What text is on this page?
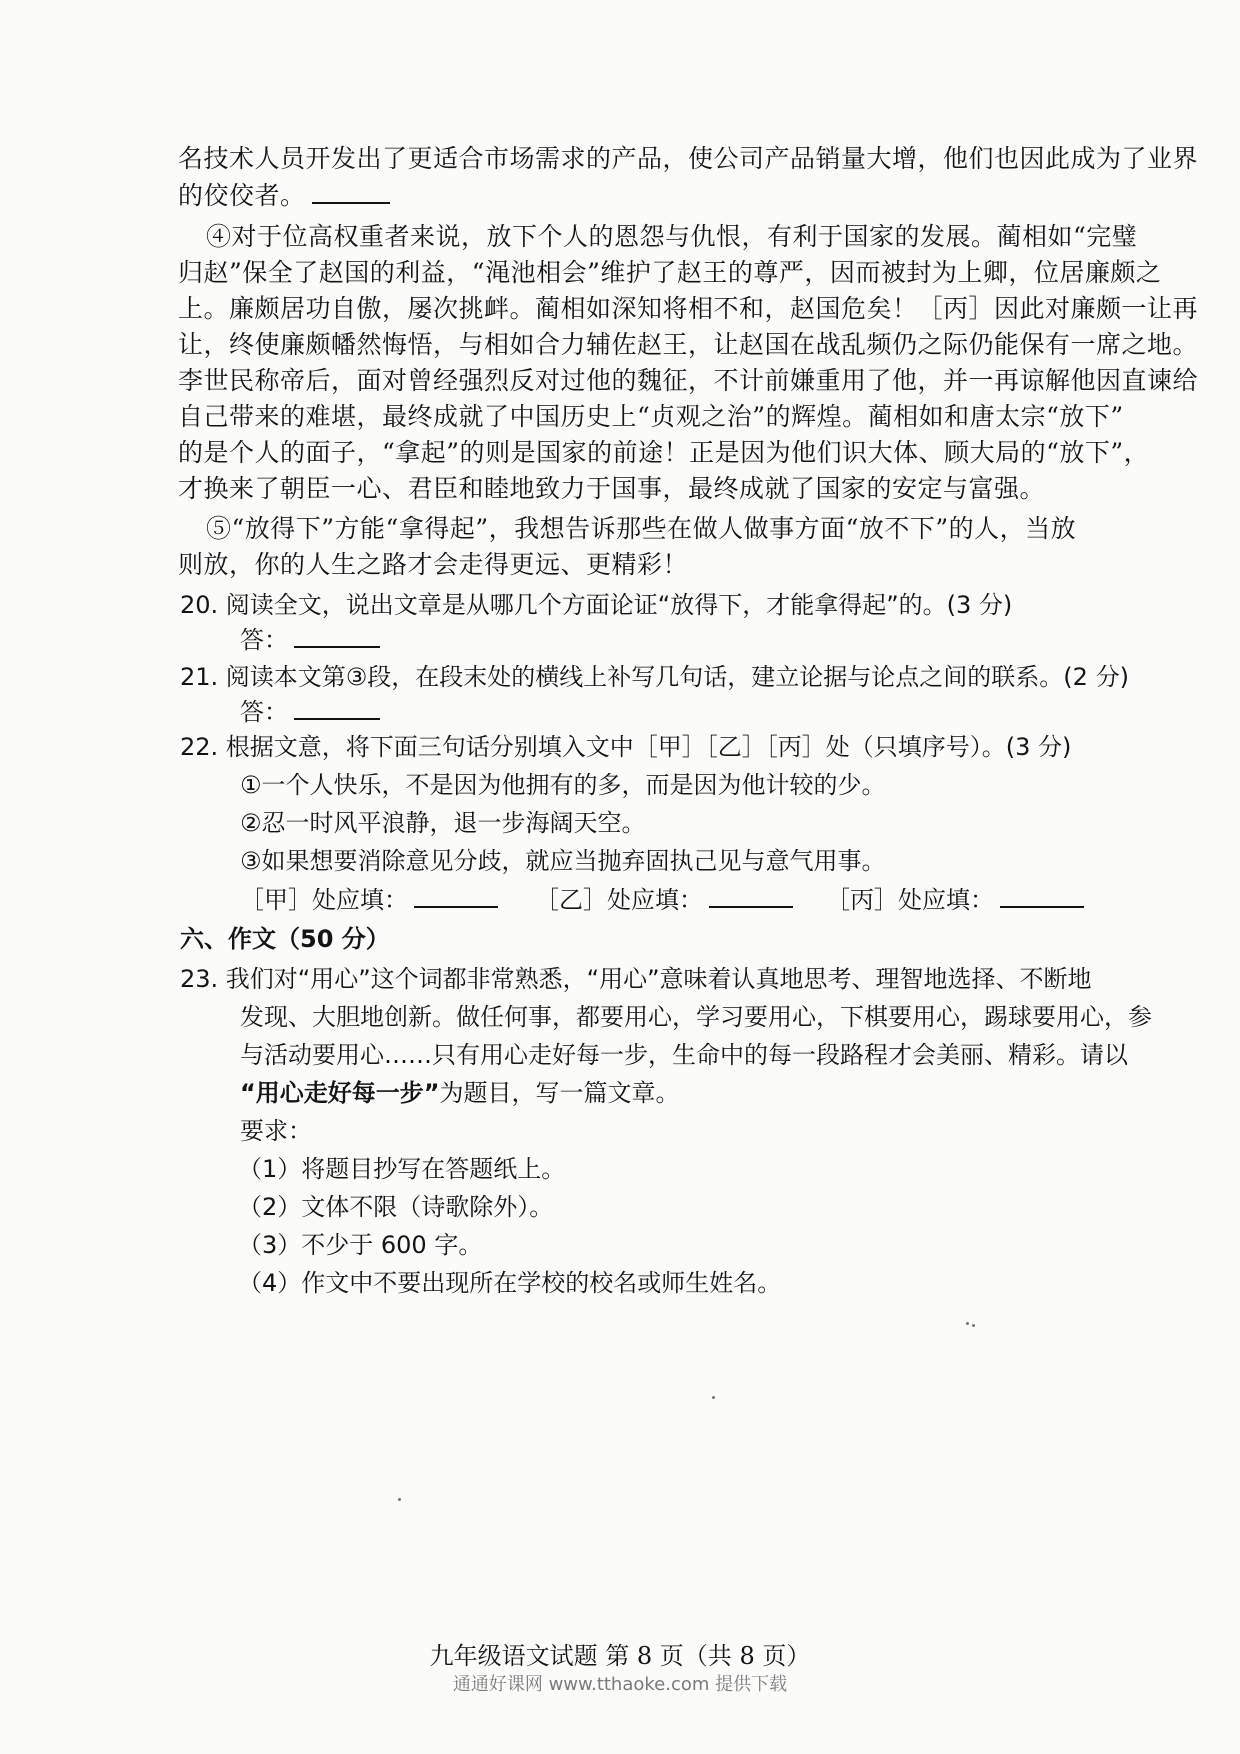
名技术人员开发出了更适合市场需求的产品，使公司产品销量大增，他们也因此成为了业界
的佼佼者。
④对于位高权重者来说，放下个人的恩怨与仇恨，有利于国家的发展。蔺相如“完璧
归赵”保全了赵国的利益，“渑池相会”维护了赵王的尊严，因而被封为上卿，位居廉颇之
上。廉颇居功自傲，屡次挑衅。蔺相如深知将相不和，赵国危矣！［丙］因此对廉颇一让再
让，终使廉颇幡然悔悟，与相如合力辅佐赵王，让赵国在战乱频仍之际仍能保有一席之地。
李世民称帝后，面对曾经强烈反对过他的魏征，不计前嫌重用了他，并一再谅解他因直谏给
自己带来的难堪，最终成就了中国历史上“贞观之治”的辉煌。蔺相如和唐太宗“放下”
的是个人的面子，“拿起”的则是国家的前途！正是因为他们识大体、顾大局的“放下”，
才换来了朝臣一心、君臣和睦地致力于国事，最终成就了国家的安定与富强。
⑤“放得下”方能“拿得起”，我想告诉那些在做人做事方面“放不下”的人，当放
则放，你的人生之路才会走得更远、更精彩！
20. 阅读全文，说出文章是从哪几个方面论证“放得下，才能拿得起”的。(3 分)
答：
21. 阅读本文第③段，在段末处的横线上补写几句话，建立论据与论点之间的联系。(2 分)
答：
22. 根据文意，将下面三句话分别填入文中［甲］［乙］［丙］处（只填序号）。(3 分)
①一个人快乐，不是因为他拥有的多，而是因为他计较的少。
②忍一时风平浪静，退一步海阔天空。
③如果想要消除意见分歧，就应当抛弃固执己见与意气用事。
［甲］处应填：	［乙］处应填：	［丙］处应填：
六、作文（50 分）
23. 我们对“用心”这个词都非常熟悉，“用心”意味着认真地思考、理智地选择、不断地
发现、大胆地创新。做任何事，都要用心，学习要用心，下棋要用心，踢球要用心，参
与活动要用心……只有用心走好每一步，生命中的每一段路程才会美丽、精彩。请以
“用心走好每一步”为题目，写一篇文章。
要求：
（1）将题目抄写在答题纸上。
（2）文体不限（诗歌除外）。
（3）不少于 600 字。
（4）作文中不要出现所在学校的校名或师生姓名。
九年级语文试题 第 8 页（共 8 页）
通通好课网 www.tthaoke.com 提供下载
